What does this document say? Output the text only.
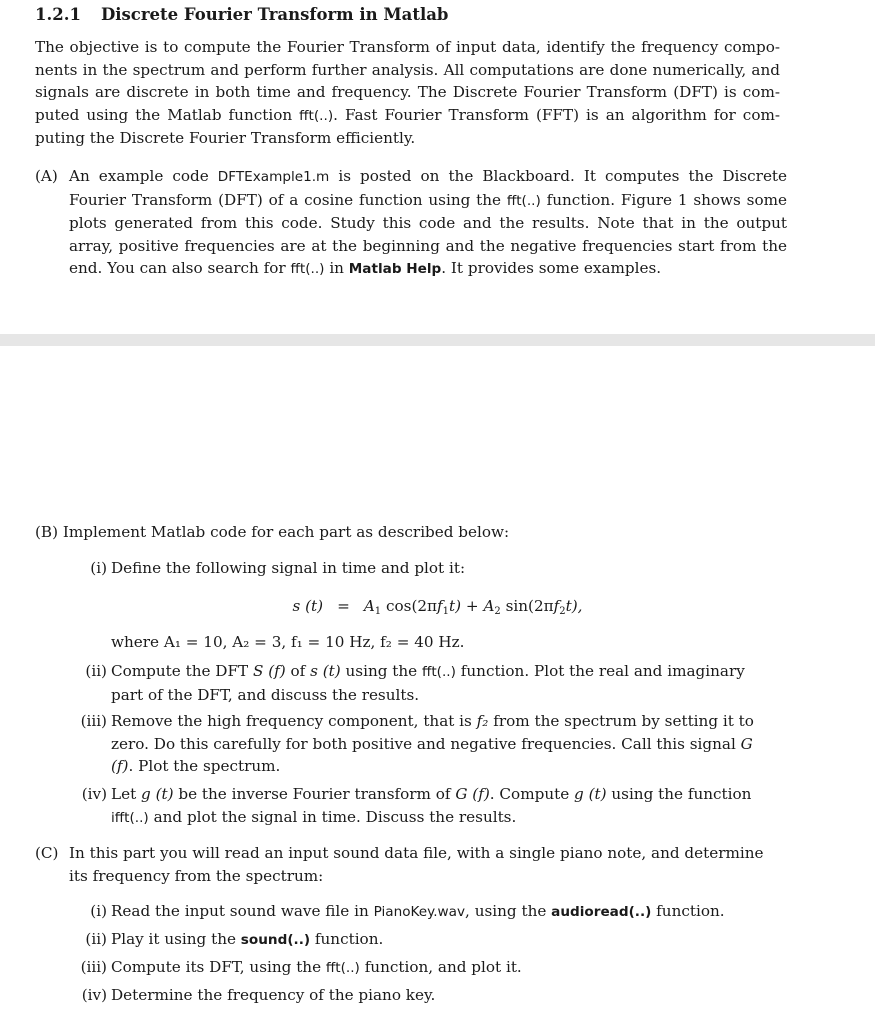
1.2.1 Discrete Fourier Transform in Matlab
The objective is to compute the Fourier Transform of input data, identify the frequency compo-nents in the spectrum and perform further analysis. All computations are done numerically, and signals are discrete in both time and frequency. The Discrete Fourier Transform (DFT) is com-puted using the Matlab function fft(..). Fast Fourier Transform (FFT) is an algorithm for com-puting the Discrete Fourier Transform efficiently.
(A) An example code DFTExample1.m is posted on the Blackboard. It computes the Discrete Fourier Transform (DFT) of a cosine function using the fft(..) function. Figure 1 shows some plots generated from this code. Study this code and the results. Note that in the output array, positive frequencies are at the beginning and the negative frequencies start from the end. You can also search for fft(..) in Matlab Help. It provides some examples.
(B) Implement Matlab code for each part as described below:
(i) Define the following signal in time and plot it:
s $(t) = A_1$ $\cos(2\pi f_1t) + A_2$ $\sin(2\pi f_2t)$,
where A₁ = 10, A₂ = 3, f₁ = 10 Hz, f₂ = 40 Hz.
(ii) Compute the DFT S (f) of s (t) using the fft(..) function. Plot the real and imaginary part of the DFT, and discuss the results.
(iii) Remove the high frequency component, that is f₂ from the spectrum by setting it to zero. Do this carefully for both positive and negative frequencies. Call this signal G (f). Plot the spectrum.
(iv) Let g (t) be the inverse Fourier transform of G (f). Compute g (t) using the function ifft(..) and plot the signal in time. Discuss the results.
(C) In this part you will read an input sound data file, with a single piano note, and determine its frequency from the spectrum:
(i) Read the input sound wave file in PianoKey.wav, using the audioread(..) function.
(ii) Play it using the sound(..) function.
(iii) Compute its DFT, using the fft(..) function, and plot it.
(iv) Determine the frequency of the piano key.
